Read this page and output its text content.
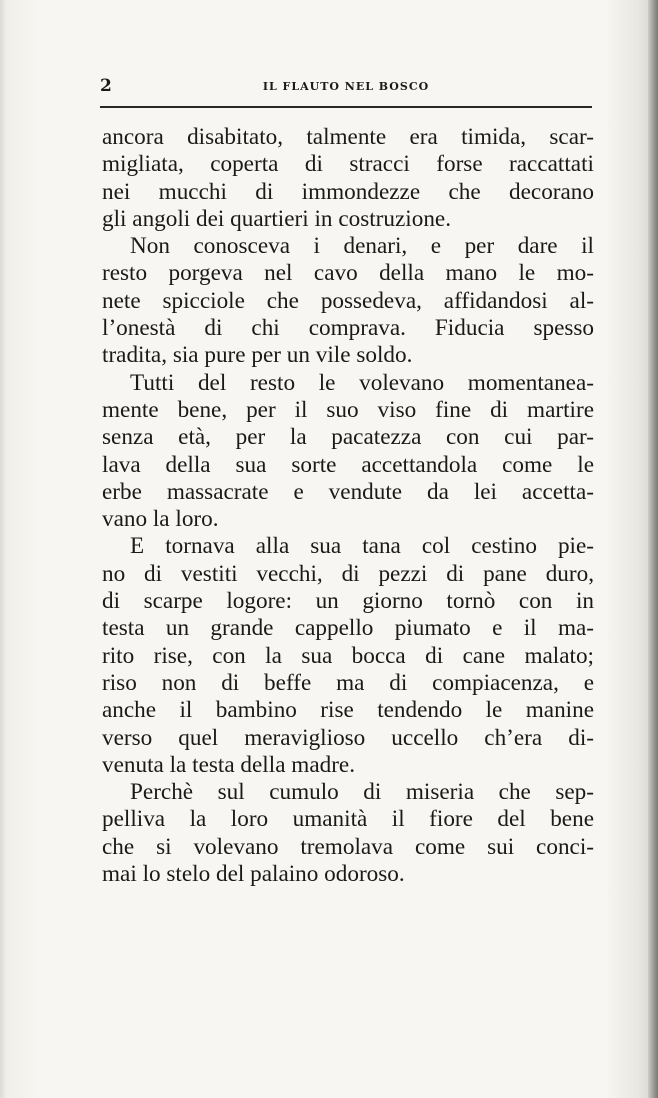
2	IL FLAUTO NEL BOSCO
ancora disabitato, talmente era timida, scar-
migliata, coperta di stracci forse raccattati
nei mucchi di immondezze che decorano
gli angoli dei quartieri in costruzione.
Non conosceva i denari, e per dare il
resto porgeva nel cavo della mano le mo-
nete spicciole che possedeva, affidandosi al-
l’onestà di chi comprava. Fiducia spesso
tradita, sia pure per un vile soldo.
Tutti del resto le volevano momentanea-
mente bene, per il suo viso fine di martire
senza età, per la pacatezza con cui par-
lava della sua sorte accettandola come le
erbe massacrate e vendute da lei accetta-
vano la loro.
E tornava alla sua tana col cestino pie-
no di vestiti vecchi, di pezzi di pane duro,
di scarpe logore: un giorno tornò con in
testa un grande cappello piumato e il ma-
rito rise, con la sua bocca di cane malato;
riso non di beffe ma di compiacenza, e
anche il bambino rise tendendo le manine
verso quel meraviglioso uccello ch’era di-
venuta la testa della madre.
Perchè sul cumulo di miseria che sep-
pelliva la loro umanità il fiore del bene
che si volevano tremolava come sui conci-
mai lo stelo del palaino odoroso.
